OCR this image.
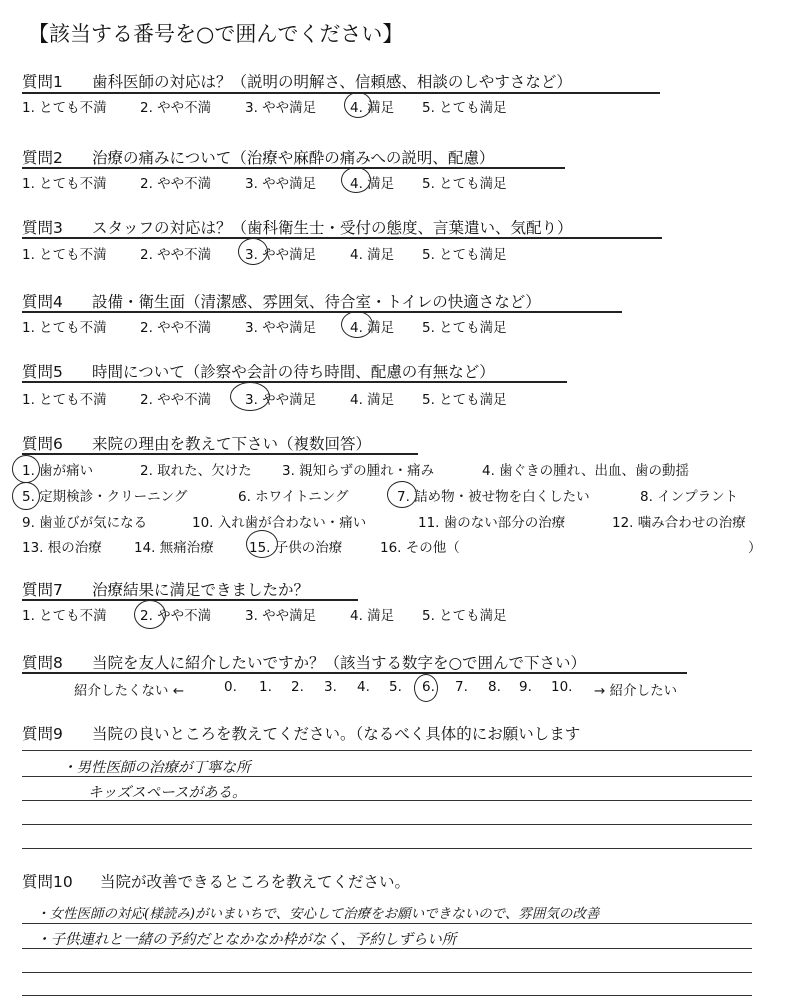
【該当する番号を○で囲んでください】
質問1 歯科医師の対応は？（説明の明解さ、信頼感、相談のしやすさなど）
1. とても不満 2. やや不満	3. やや満足	4. 満足 5. とても満足
質問2 治療の痛みについて（治療や麻酔の痛みへの説明、配慮）
1. とても不満 2. やや不満	3. やや満足	4. 満足 5. とても満足
質問3 スタッフの対応は？（歯科衛生士・受付の態度、言葉遣い、気配り）
1. とても不満 2. やや不満	3. やや満足	4. 満足 5. とても満足
質問4 設備・衛生面（清潔感、雰囲気、待合室・トイレの快適さなど）
1. とても不満 2. やや不満	3. やや満足	4. 満足 5. とても満足
質問5 時間について（診察や会計の待ち時間、配慮の有無など）
1. とても不満 2. やや不満	3. やや満足	4. 満足 5. とても満足
質問6 来院の理由を教えて下さい（複数回答）
1. 歯が痛い	2. 取れた、欠けた 3. 親知らずの腫れ・痛み	4. 歯ぐきの腫れ、出血、歯の動揺
5. 定期検診・クリーニング	6. ホワイトニング	7. 詰め物・被せ物を白くしたい	8. インプラント
9. 歯並びが気になる	10. 入れ歯が合わない・痛い	11. 歯のない部分の治療	12. 噛み合わせの治療
13. 根の治療 14. 無痛治療	15. 子供の治療	16. その他（	）
質問7 治療結果に満足できましたか？
1. とても不満 2. やや不満	3. やや満足	4. 満足 5. とても満足
質問8 当院を友人に紹介したいですか？（該当する数字を○で囲んで下さい）
紹介したくない ←	0. 1. 2. 3. 4. 5. 6. 7. 8. 9. 10. → 紹介したい
質問9 当院の良いところを教えてください。（なるべく具体的にお願いします
・男性医師の治療が丁寧な所
キッズスペースがある。
質問10 当院が改善できるところを教えてください。
・女性医師の対応(様読み)がいまいちで、安心して治療をお願いできないので、雰囲気の改善
・子供連れと一緒の予約だとなかなか枠がなく、予約しずらい所
